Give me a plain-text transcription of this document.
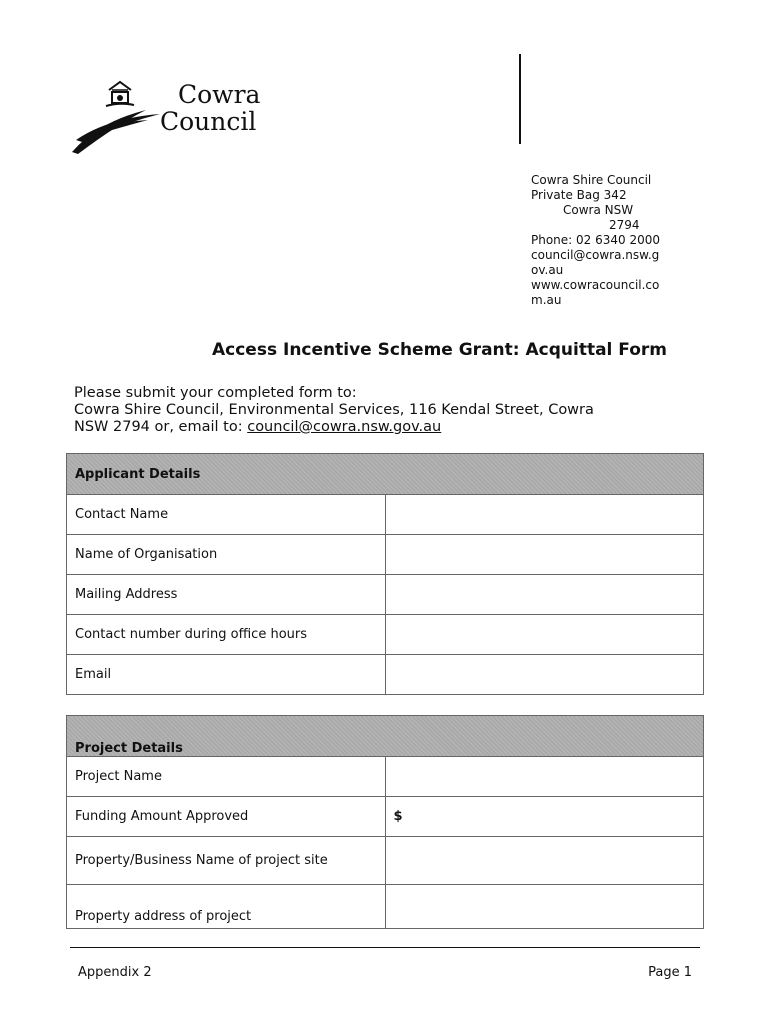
Cowra
Council
Cowra Shire Council
Private Bag 342
Cowra NSW
2794
Phone: 02 6340 2000
council@cowra.nsw.g
ov.au
www.cowracouncil.co
m.au
Access Incentive Scheme Grant: Acquittal Form
Please submit your completed form to:
Cowra Shire Council, Environmental Services, 116 Kendal Street, Cowra
NSW 2794 or, email to: council@cowra.nsw.gov.au
Applicant Details	
Contact Name	
Name of Organisation	
Mailing Address	
Contact number during office hours	
Email	
Project Details	
Project Name	
Funding Amount Approved	$
Property/Business Name of project site	
Property address of project	
Appendix 2	Page 1
